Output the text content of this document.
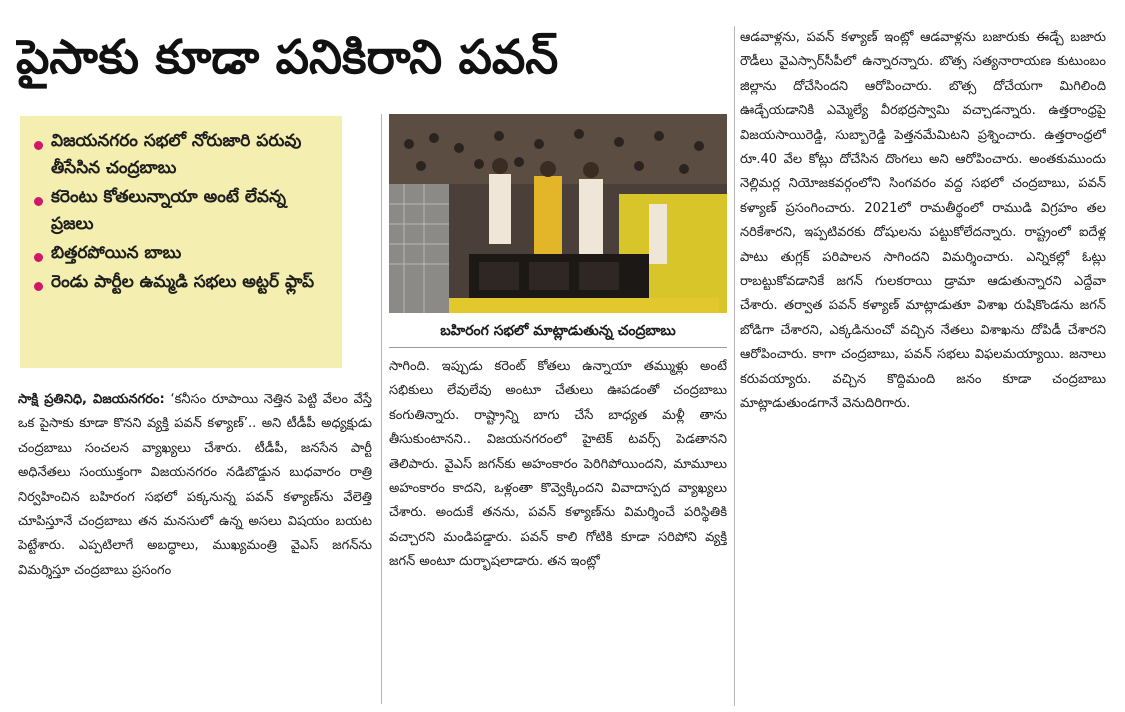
పైసాకు కూడా పనికిరాని పవన్
విజయనగరం సభలో నోరుజారి పరువు తీసేసిన చంద్రబాబు
కరెంటు కోతలున్నాయా అంటే లేవన్న ప్రజలు
బిత్తరపోయిన బాబు
రెండు పార్టీల ఉమ్మడి సభలు అట్టర్ ఫ్లాప్
బహిరంగ సభలో మాట్లాడుతున్న చంద్రబాబు

సాక్షి ప్రతినిధి, విజయనగరం: ‘కనీసం రూపాయి నెత్తిన పెట్టి వేలం వేస్తే ఒక పైసాకు కూడా కొనని వ్యక్తి పవన్ కళ్యాణ్’.. అని టీడీపీ అధ్యక్షుడు చంద్రబాబు సంచలన వ్యాఖ్యలు చేశారు. టీడీపీ, జనసేన పార్టీ అధినేతలు సంయుక్తంగా విజయనగరం నడిబొడ్డున బుధవారం రాత్రి నిర్వహించిన బహిరంగ సభలో పక్కనున్న పవన్ కళ్యాణ్‌ను వేలెత్తి చూపిస్తూనే చంద్రబాబు తన మనసులో ఉన్న అసలు విషయం బయట పెట్టేశారు. ఎప్పటిలాగే అబద్ధాలు, ముఖ్యమంత్రి వైఎస్ జగన్‌ను విమర్శిస్తూ చంద్రబాబు ప్రసంగం

సాగింది. ఇప్పుడు కరెంట్ కోతలు ఉన్నాయా తమ్ముళ్లు అంటే సభికులు లేవులేవు అంటూ చేతులు ఊపడంతో చంద్రబాబు కంగుతిన్నారు. రాష్ట్రాన్ని బాగు చేసే బాధ్యత మళ్లీ తాను తీసుకుంటానని.. విజయనగరంలో హైటెక్ టవర్స్ పెడతానని తెలిపారు. వైఎస్ జగన్‌కు అహంకారం పెరిగిపోయిందని, మామూలు అహంకారం కాదని, ఒళ్లంతా కొవ్వెక్కిందని వివాదాస్పద వ్యాఖ్యలు చేశారు. అందుకే తనను, పవన్ కళ్యాణ్‌ను విమర్శించే పరిస్థితికి వచ్చారని మండిపడ్డారు. పవన్ కాలి గోటికి కూడా సరిపోని వ్యక్తి జగన్ అంటూ దుర్భాషలాడారు. తన ఇంట్లో

ఆడవాళ్లను, పవన్ కళ్యాణ్ ఇంట్లో ఆడవాళ్లను బజారుకు ఈడ్చే బజారు రౌడీలు వైఎస్సార్‌సీపీలో ఉన్నారన్నారు. బొత్స సత్యనారాయణ కుటుంబం జిల్లాను దోచేసిందని ఆరోపించారు. బొత్స దోచేయగా మిగిలింది ఊడ్చేయడానికి ఎమ్మెల్యే వీరభద్రస్వామి వచ్చాడన్నారు. ఉత్తరాంధ్రపై విజయసాయిరెడ్డి, సుబ్బారెడ్డి పెత్తనమేమిటని ప్రశ్నించారు. ఉత్తరాంధ్రలో రూ.40 వేల కోట్లు దోచేసిన దొంగలు అని ఆరోపించారు. అంతకుముందు నెల్లిమర్ల నియోజకవర్గంలోని సింగవరం వద్ద సభలో చంద్రబాబు, పవన్ కళ్యాణ్ ప్రసంగించారు. 2021లో రామతీర్థంలో రాముడి విగ్రహం తల నరికేశారని, ఇప్పటివరకు దోషులను పట్టుకోలేదన్నారు. రాష్ట్రంలో ఐదేళ్ల పాటు తుగ్లక్ పరిపాలన సాగిందని విమర్శించారు. ఎన్నికల్లో ఓట్లు రాబట్టుకోవడానికే జగన్ గులకరాయి డ్రామా ఆడుతున్నారని ఎద్దేవా చేశారు. తర్వాత పవన్ కళ్యాణ్ మాట్లాడుతూ విశాఖ రుషికొండను జగన్ బోడిగా చేశారని, ఎక్కడినుంచో వచ్చిన నేతలు విశాఖను దోపిడీ చేశారని ఆరోపించారు. కాగా చంద్రబాబు, పవన్ సభలు విఫలమయ్యాయి. జనాలు కరువయ్యారు. వచ్చిన కొద్దిమంది జనం కూడా చంద్రబాబు మాట్లాడుతుండగానే వెనుదిరిగారు.
